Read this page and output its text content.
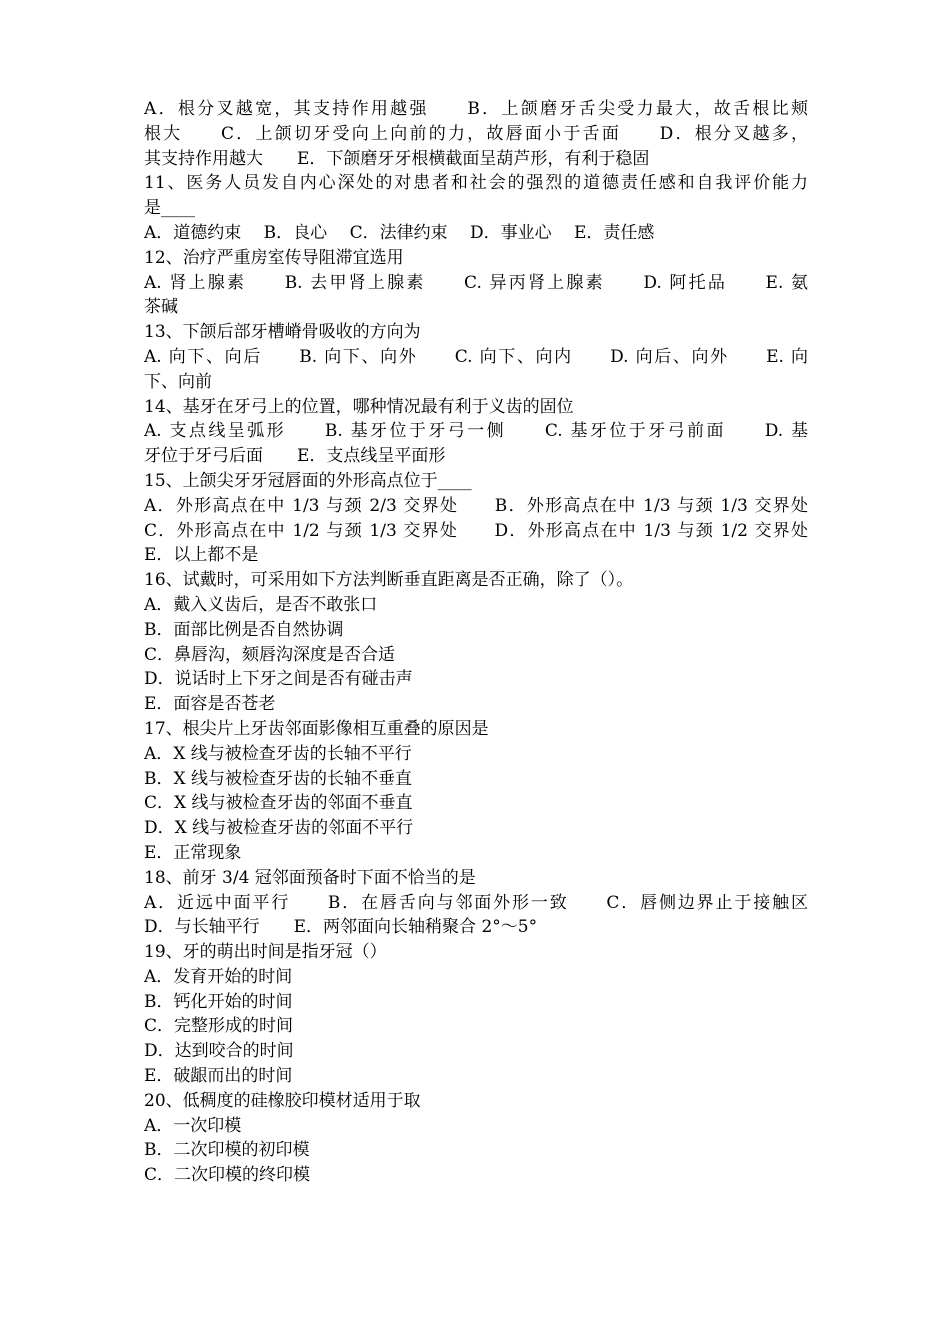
A．根分叉越宽，其支持作用越强　　B．上颌磨牙舌尖受力最大，故舌根比颊
根大　　C．上颌切牙受向上向前的力，故唇面小于舌面　　D．根分叉越多，
其支持作用越大　　E．下颌磨牙牙根横截面呈葫芦形，有利于稳固
11、医务人员发自内心深处的对患者和社会的强烈的道德责任感和自我评价能力
是____
A．道德约束　 B．良心　 C．法律约束　 D．事业心　 E．责任感
12、治疗严重房室传导阻滞宜选用
A. 肾上腺素　　B. 去甲肾上腺素　　C. 异丙肾上腺素　　D. 阿托品　　E. 氨
茶碱
13、下颌后部牙槽嵴骨吸收的方向为
A. 向下、向后　　B. 向下、向外　　C. 向下、向内　　D. 向后、向外　　E. 向
下、向前
14、基牙在牙弓上的位置，哪种情况最有利于义齿的固位
A. 支点线呈弧形　　B. 基牙位于牙弓一侧　　C. 基牙位于牙弓前面　　D. 基
牙位于牙弓后面　　E．支点线呈平面形
15、上颌尖牙牙冠唇面的外形高点位于____
A．外形高点在中 1/3 与颈 2/3 交界处　　B．外形高点在中 1/3 与颈 1/3 交界处
C．外形高点在中 1/2 与颈 1/3 交界处　　D．外形高点在中 1/3 与颈 1/2 交界处
E．以上都不是
16、试戴时，可采用如下方法判断垂直距离是否正确，除了（）。
A．戴入义齿后，是否不敢张口
B．面部比例是否自然协调
C．鼻唇沟，颏唇沟深度是否合适
D．说话时上下牙之间是否有碰击声
E．面容是否苍老
17、根尖片上牙齿邻面影像相互重叠的原因是
A．X 线与被检查牙齿的长轴不平行
B．X 线与被检查牙齿的长轴不垂直
C．X 线与被检查牙齿的邻面不垂直
D．X 线与被检查牙齿的邻面不平行
E．正常现象
18、前牙 3/4 冠邻面预备时下面不恰当的是
A．近远中面平行　　B．在唇舌向与邻面外形一致　　C．唇侧边界止于接触区
D．与长轴平行　　E．两邻面向长轴稍聚合 2°～5°
19、牙的萌出时间是指牙冠（）
A．发育开始的时间
B．钙化开始的时间
C．完整形成的时间
D．达到咬合的时间
E．破龈而出的时间
20、低稠度的硅橡胶印模材适用于取
A．一次印模
B．二次印模的初印模
C．二次印模的终印模
